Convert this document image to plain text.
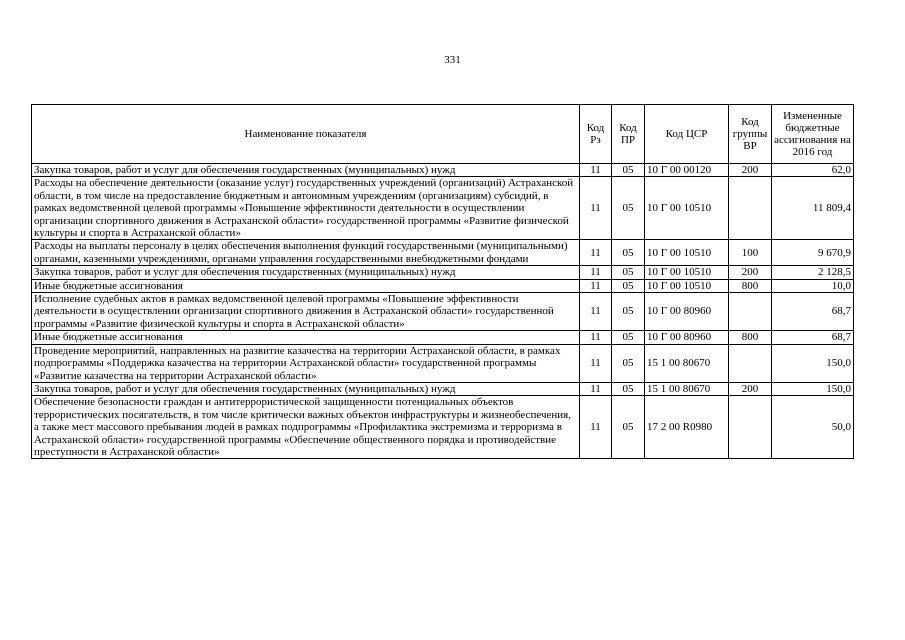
331
Наименование показателя	Код Рз	Код ПР	Код ЦСР	Код группы ВР	Измененные бюджетные ассигнования на 2016 год
Закупка товаров, работ и услуг для обеспечения государственных (муниципальных) нужд	11	05	10 Г 00 00120	200	62,0
Расходы на обеспечение деятельности (оказание услуг) государственных учреждений (организаций) Астраханской области, в том числе на предоставление бюджетным и автономным учреждениям (организациям) субсидий, в рамках ведомственной целевой программы «Повышение эффективности деятельности в осуществлении организации спортивного движения в Астраханской области» государственной программы «Развитие физической культуры и спорта в Астраханской области»	11	05	10 Г 00 10510		11 809,4
Расходы на выплаты персоналу в целях обеспечения выполнения функций государственными (муниципальными) органами, казенными учреждениями, органами управления государственными внебюджетными фондами	11	05	10 Г 00 10510	100	9 670,9
Закупка товаров, работ и услуг для обеспечения государственных (муниципальных) нужд	11	05	10 Г 00 10510	200	2 128,5
Иные бюджетные ассигнования	11	05	10 Г 00 10510	800	10,0
Исполнение судебных актов в рамках ведомственной целевой программы «Повышение эффективности деятельности в осуществлении организации спортивного движения в Астраханской области» государственной программы «Развитие физической культуры и спорта в Астраханской области»	11	05	10 Г 00 80960		68,7
Иные бюджетные ассигнования	11	05	10 Г 00 80960	800	68,7
Проведение мероприятий, направленных на развитие казачества на территории Астраханской области, в рамках подпрограммы «Поддержка казачества на территории Астраханской области» государственной программы «Развитие казачества на территории Астраханской области»	11	05	15 1 00 80670		150,0
Закупка товаров, работ и услуг для обеспечения государственных (муниципальных) нужд	11	05	15 1 00 80670	200	150,0
Обеспечение безопасности граждан и антитеррористической защищенности потенциальных объектов террористических посягательств, в том числе критически важных объектов инфраструктуры и жизнеобеспечения, а также мест массового пребывания людей в рамках подпрограммы «Профилактика экстремизма и терроризма в Астраханской области» государственной программы «Обеспечение общественного порядка и противодействие преступности в Астраханской области»	11	05	17 2 00 R0980		50,0
